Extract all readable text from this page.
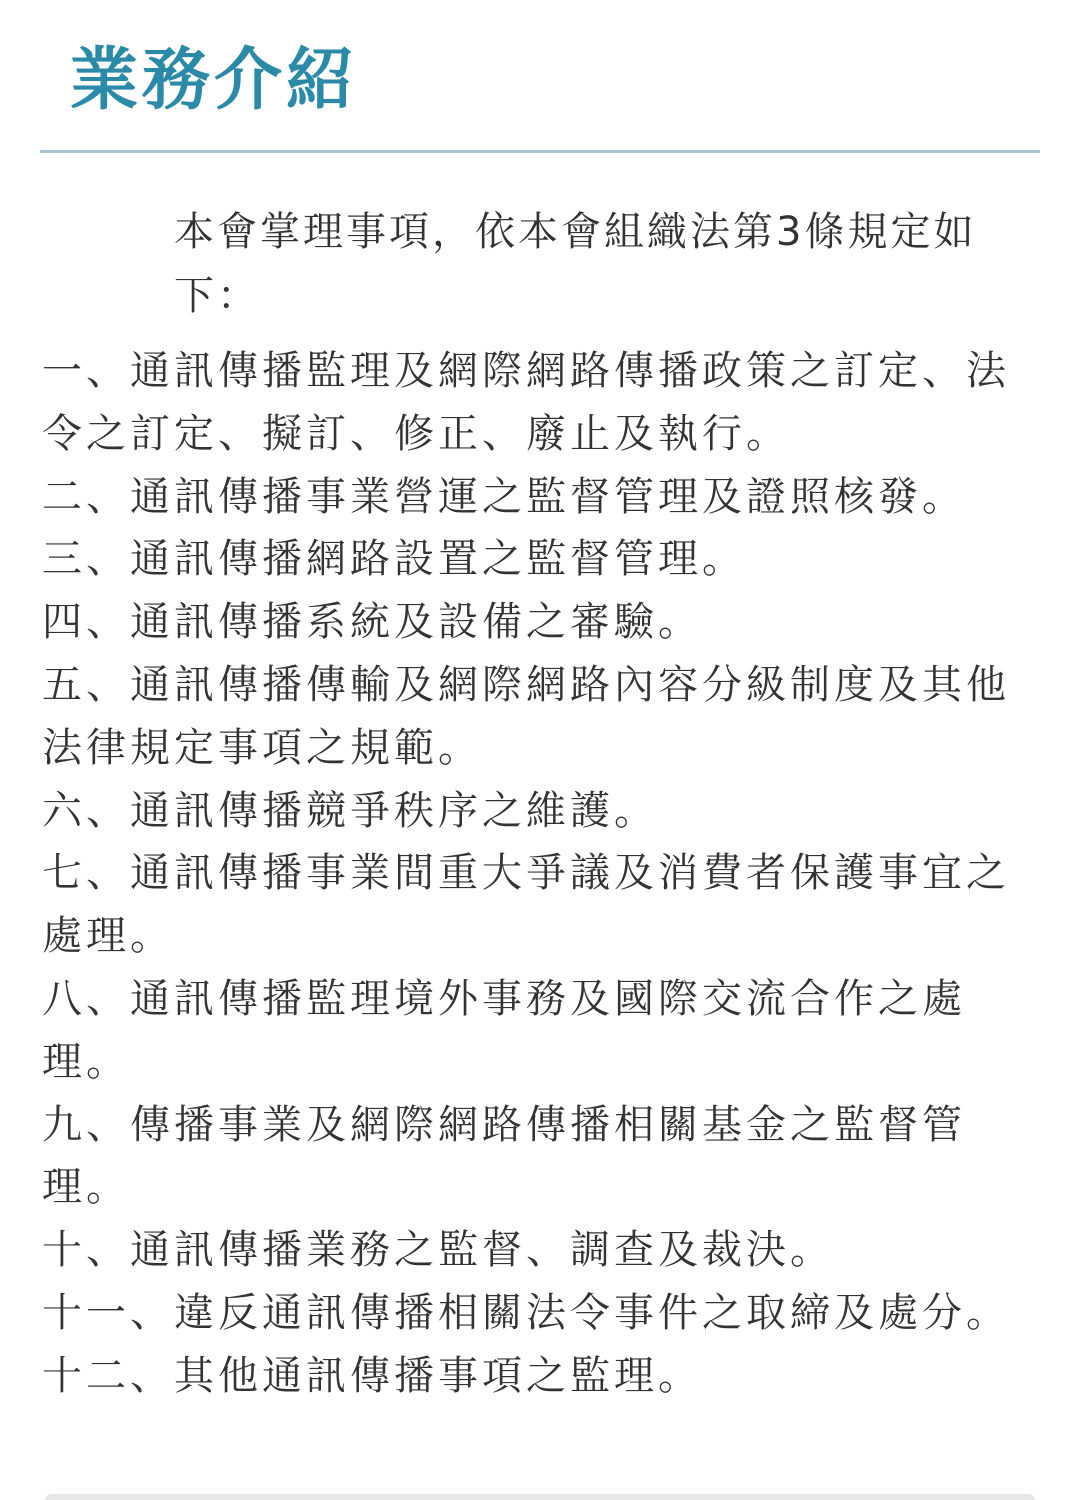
業務介紹

本會掌理事項，依本會組織法第3條規定如下：

一、通訊傳播監理及網際網路傳播政策之訂定、法令之訂定、擬訂、修正、廢止及執行。
二、通訊傳播事業營運之監督管理及證照核發。
三、通訊傳播網路設置之監督管理。
四、通訊傳播系統及設備之審驗。
五、通訊傳播傳輸及網際網路內容分級制度及其他法律規定事項之規範。
六、通訊傳播競爭秩序之維護。
七、通訊傳播事業間重大爭議及消費者保護事宜之處理。
八、通訊傳播監理境外事務及國際交流合作之處理。
九、傳播事業及網際網路傳播相關基金之監督管理。
十、通訊傳播業務之監督、調查及裁決。
十一、違反通訊傳播相關法令事件之取締及處分。
十二、其他通訊傳播事項之監理。
